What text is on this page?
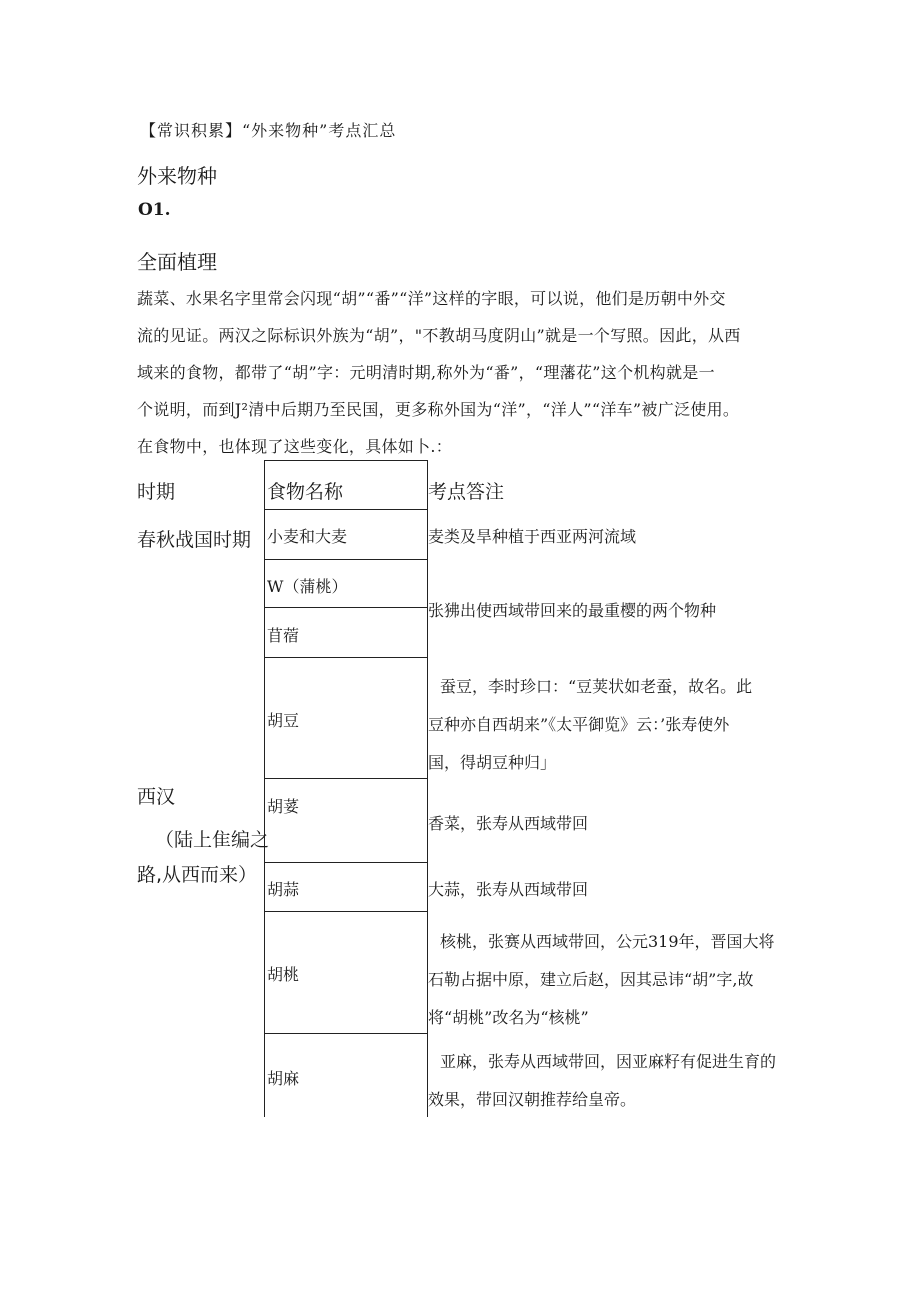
【常识积累】“外来物种”考点汇总
外来物种
O1.
全面植理
蔬菜、水果名字里常会闪现“胡”“番”“洋”这样的字眼，可以说，他们是历朝中外交
流的见证。两汉之际标识外族为“胡”，"不教胡马度阴山”就是一个写照。因此，从西
域来的食物，都带了“胡”字：元明清时期,称外为“番”，“理藩花”这个机构就是一
个说明，而到J²清中后期乃至民国，更多称外国为“洋”，“洋人”“洋车”被广泛使用。
在食物中，也体现了这些变化，具体如卜.：
时期	食物名称	考点答注
春秋战国时期
西汉
（陆上隹编之
路,从西而来）
小麦和大麦
W（蒲桃）
苜蓿
胡豆
胡荽
胡蒜
胡桃
胡麻
麦类及旱种植于西亚两河流域
张狒出使西域带回来的最重樱的两个物种
蚕豆，李时珍口：“豆荚状如老蚕，故名。此
豆种亦自西胡来”《太平御览》云：’张寿使外
国，得胡豆种归」
香菜，张寿从西域带回
大蒜，张寿从西域带回
核桃，张赛从西域带回，公元319年，晋国大将
石勒占据中原，建立后赵，因其忌讳“胡”字,故
将“胡桃”改名为“核桃”
亚麻，张寿从西域带回，因亚麻籽有促进生育的
效果，带回汉朝推荐给皇帝。
